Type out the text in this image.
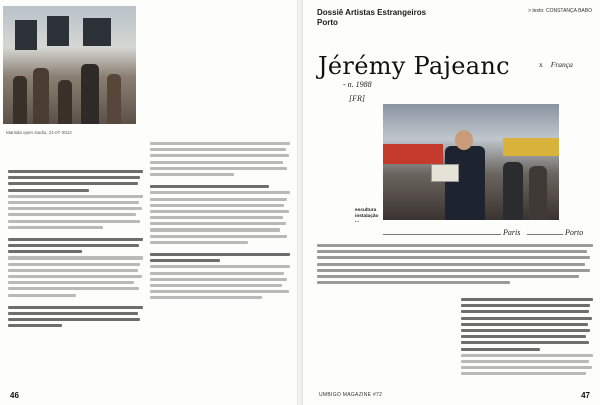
Marisita open studio, 21-07-2012
46
Dossiê Artistas Estrangeiros
Porto
> texto: CONSTANÇA BABO
Jérémy Pajeanc	x França
- n. 1988
[FR]
escultura
instalação
...
Paris	Porto
UMBIGO MAGAZINE #72	47
